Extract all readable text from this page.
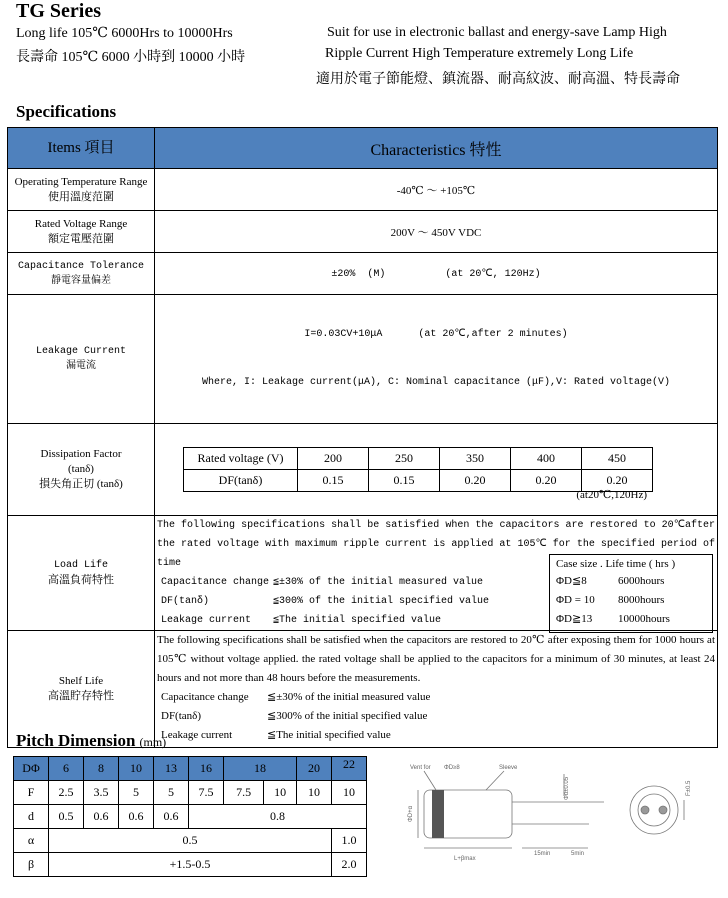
TG Series
Long life 105℃ 6000Hrs to 10000Hrs	Suit for use in electronic ballast and energy-save Lamp High
長壽命 105℃ 6000 小時到 10000 小時	Ripple Current High Temperature extremely Long Life
適用於電子節能燈、鎮流器、耐高紋波、耐高溫、特長壽命
Specifications
Items 項目	Characteristics 特性

Operating Temperature Range
使用溫度范圍	-40℃ ～ +105℃

Rated Voltage Range
額定電壓范圍	200V ～ 450V VDC

Capacitance Tolerance
靜電容量偏差
	±20%  (M)          (at 20℃, 120Hz)

Leakage Current
漏電流

I=0.03CV+10μA      (at 20℃,after 2 minutes)

Where, I: Leakage current(μA), C: Nominal capacitance (μF),V: Rated voltage(V)

Dissipation Factor
(tanδ)
損失角正切 (tanδ)

Rated voltage (V)	200	250	350	400	450
DF(tanδ)	0.15	0.15	0.20	0.20	0.20
(at20℃,120Hz)

Load Life
高溫負荷特性

The following specifications shall be satisfied when the capacitors are restored to 20℃after the rated voltage with maximum ripple current is applied at 105℃ for the specified period of time
Capacitance change ≦±30% of the initial measured value
DF(tanδ)	≦300% of the initial specified value
Leakage current	≦The initial specified value
Case size . Life time ( hrs )
ΦD≦8	6000hours
ΦD = 10	8000hours
ΦD≧13	10000hours

Shelf Life
高溫貯存特性

The following specifications shall be satisfied when the capacitors are restored to 20℃ after exposing them for 1000 hours at 105℃ without voltage applied. the rated voltage shall be applied to the capacitors for a minimum of 30 minutes, at least 24 hours and not more than 48 hours before the measurements.
Capacitance change	≦±30% of the initial measured value
DF(tanδ)	≦300% of the initial specified value
Leakage current	≦The initial specified value
Pitch Dimension (mm)
DΦ	6	8	10	13	16	18		20	22
F	2.5	3.5	5	5	7.5	7.5	10	10	10
d	0.5	0.6	0.6	0.6	0.8				
α	0.5								1.0
β	+1.5-0.5								2.0
Vent for ΦD≥8	Sleeve
L+βmax
15min	5min
ΦD+α
Φd±0.05	F±0.5
